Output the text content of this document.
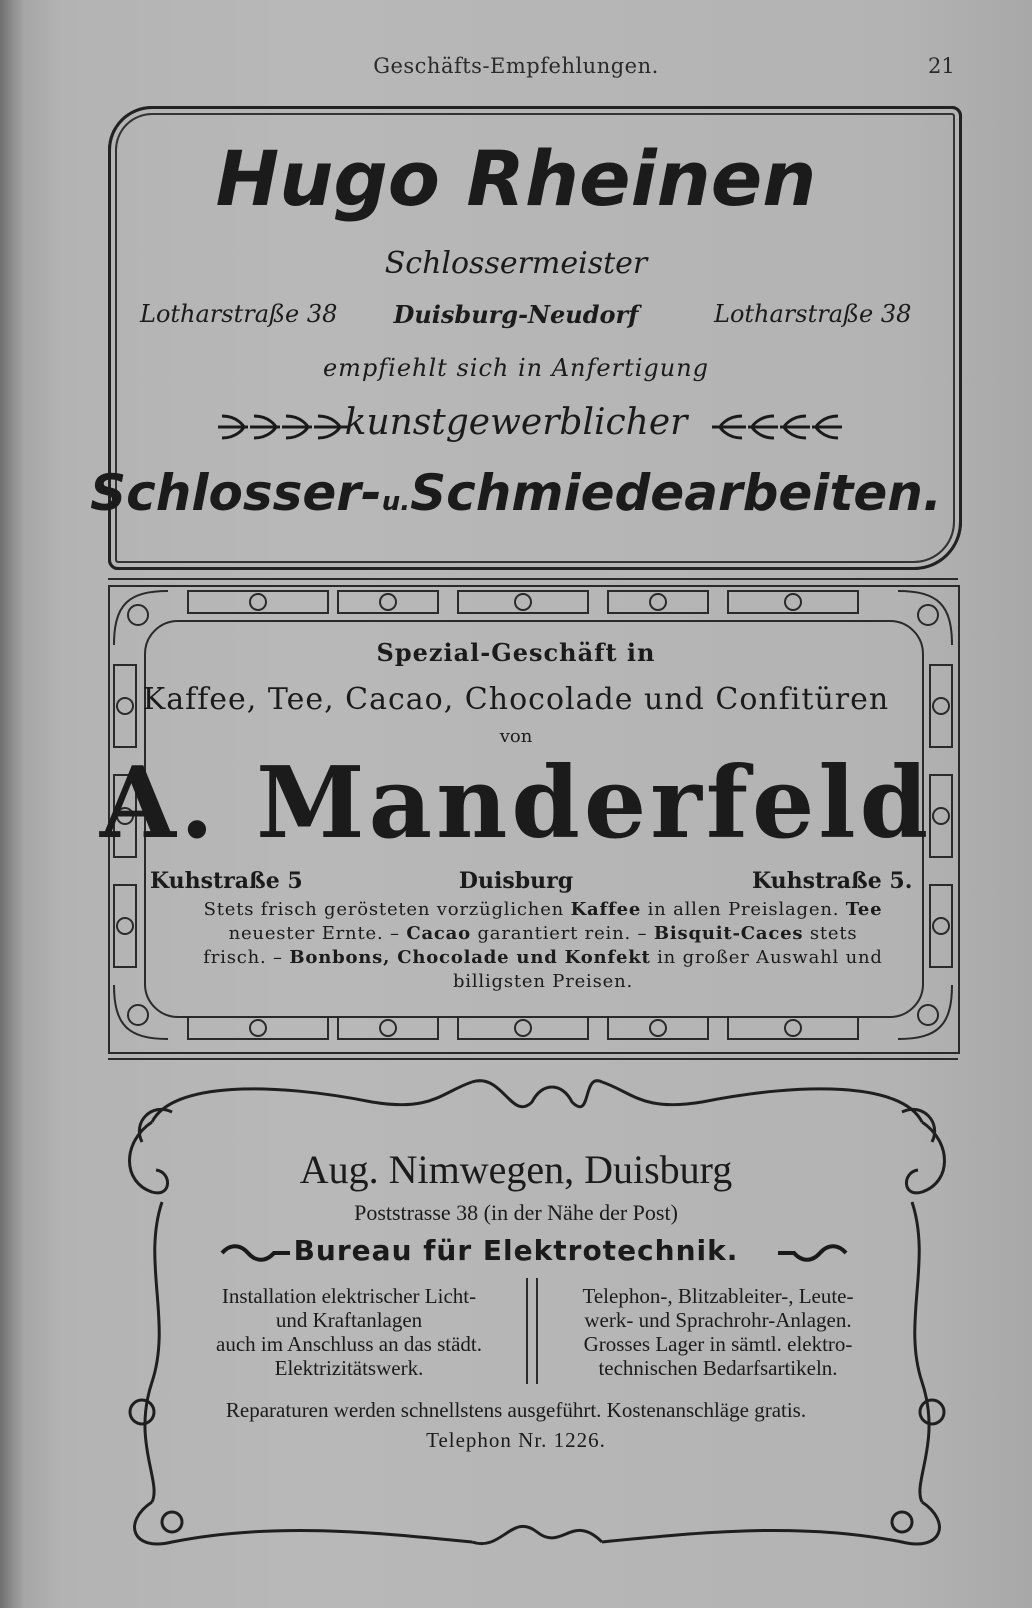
Geschäfts-Empfehlungen.	21
Hugo Rheinen
Schlossermeister
Lotharstraße 38	Duisburg-Neudorf	Lotharstraße 38
empfiehlt sich in Anfertigung
kunstgewerblicher
Schlosser-u.Schmiedearbeiten.
Spezial-Geschäft in
Kaffee, Tee, Cacao, Chocolade und Confitüren
von
A. Manderfeld
Kuhstraße 5	Duisburg	Kuhstraße 5.
Stets frisch gerösteten vorzüglichen Kaffee in allen Preislagen. Tee neuester Ernte. – Cacao garantiert rein. – Bisquit-Caces stets frisch. – Bonbons, Chocolade und Konfekt in großer Auswahl und billigsten Preisen.
Aug. Nimwegen, Duisburg
Poststrasse 38 (in der Nähe der Post)
Bureau für Elektrotechnik.
Installation elektrischer Licht-
und Kraftanlagen
auch im Anschluss an das städt.
Elektrizitätswerk.
Telephon-, Blitzableiter-, Leute-
werk- und Sprachrohr-Anlagen.
Grosses Lager in sämtl. elektro-
technischen Bedarfsartikeln.
Reparaturen werden schnellstens ausgeführt. Kostenanschläge gratis.
Telephon Nr. 1226.
